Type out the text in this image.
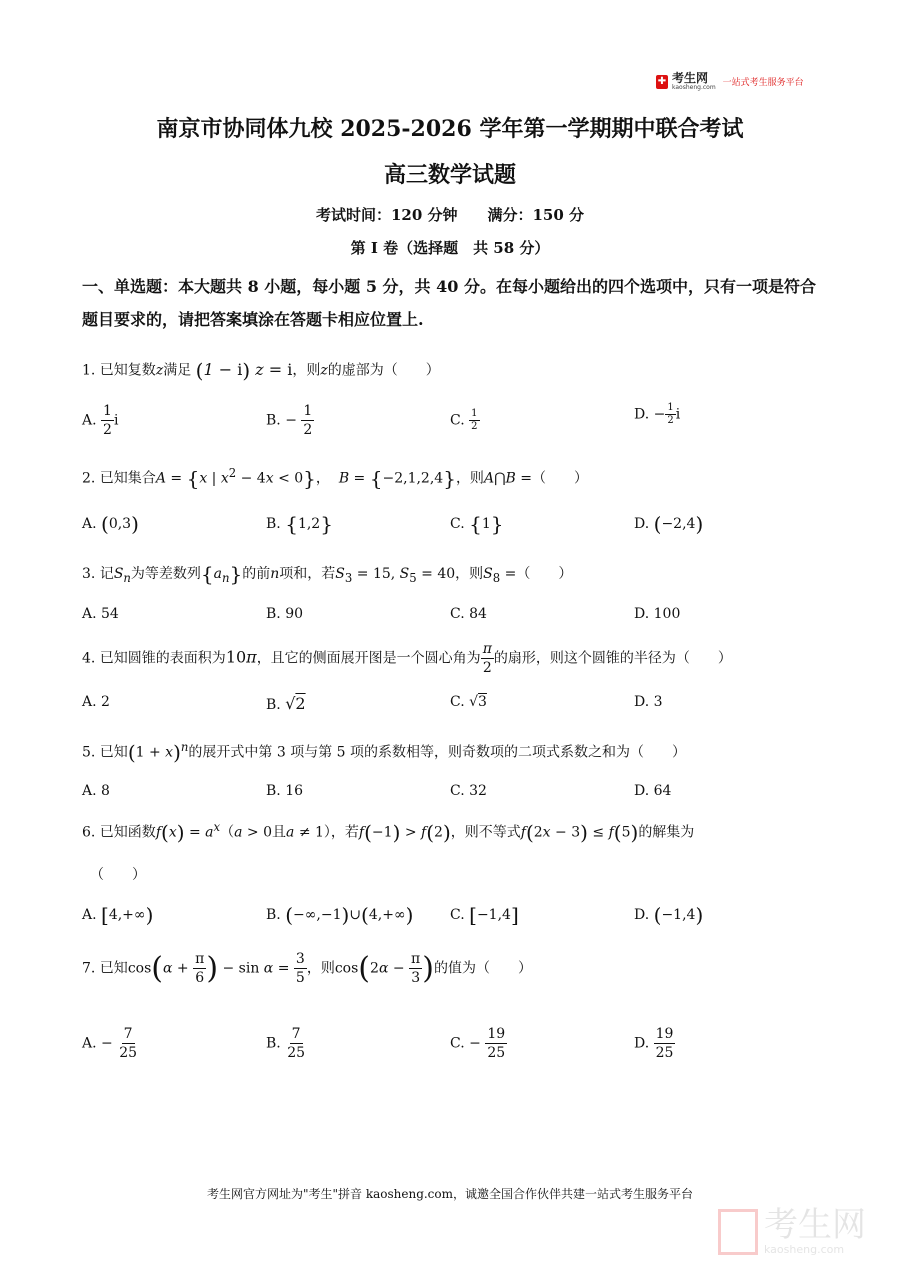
✚ 考生网
kaosheng.com 一站式考生服务平台
南京市协同体九校 2025-2026 学年第一学期期中联合考试
高三数学试题
考试时间：120 分钟　　满分：150 分
第 I 卷（选择题　共 58 分）
一、单选题：本大题共 8 小题，每小题 5 分，共 40 分。在每小题给出的四个选项中，只有一项是符合题目要求的，请把答案填涂在答题卡相应位置上.
1. 已知复数z满足 (1 − i) z = i，则z的虚部为（　　）
A. $\frac{1}{2}$ i	B. − $\frac{1}{2}$	C. $\frac{1}{2}$	D. − $\frac{1}{2}$ i
2. 已知集合A = {x | $x^2 - 4x < 0$}， B = {−2,1,2,4}，则A⋂B =（　　）
A. (0,3)	B. {1,2}	C. {1}	D. (−2,4)
3. 记$S_n$为等差数列$\{a_n\}$的前n项和，若$S_3 = 15$, $S_5 = 40$，则$S_8$ =（　　）
A. 54	B. 90	C. 84	D. 100
4. 已知圆锥的表面积为10π，且它的侧面展开图是一个圆心角为 $\frac{\pi}{2}$ 的扇形，则这个圆锥的半径为（　　）
A. 2	B. √2	C. √3	D. 3
5. 已知$(1 + x)^n$的展开式中第 3 项与第 5 项的系数相等，则奇数项的二项式系数之和为（　　）
A. 8	B. 16	C. 32	D. 64
6. 已知函数$f(x) = a^x(a > 0$且a ≠ 1），若f(−1) > f(2)，则不等式f(2x − 3) ≤ f(5)的解集为
（　　）
A. [4,+∞)	B. (−∞,−1)∪(4,+∞)	C. [−1,4]	D. (−1,4)
7. 已知$\cos(\alpha + \frac{\pi}{6}$ ) − $\sin \alpha = \frac{3}{5}$ ，则$\cos(2\alpha - \frac{\pi}{3}$ )的值为（　　）
A. − $\frac{7}{25}$	B. $\frac{7}{25}$	C. − $\frac{19}{25}$	D. $\frac{19}{25}$
考生网官方网址为"考生"拼音 kaosheng.com，诚邀全国合作伙伴共建一站式考生服务平台
考生网
kaosheng.com
